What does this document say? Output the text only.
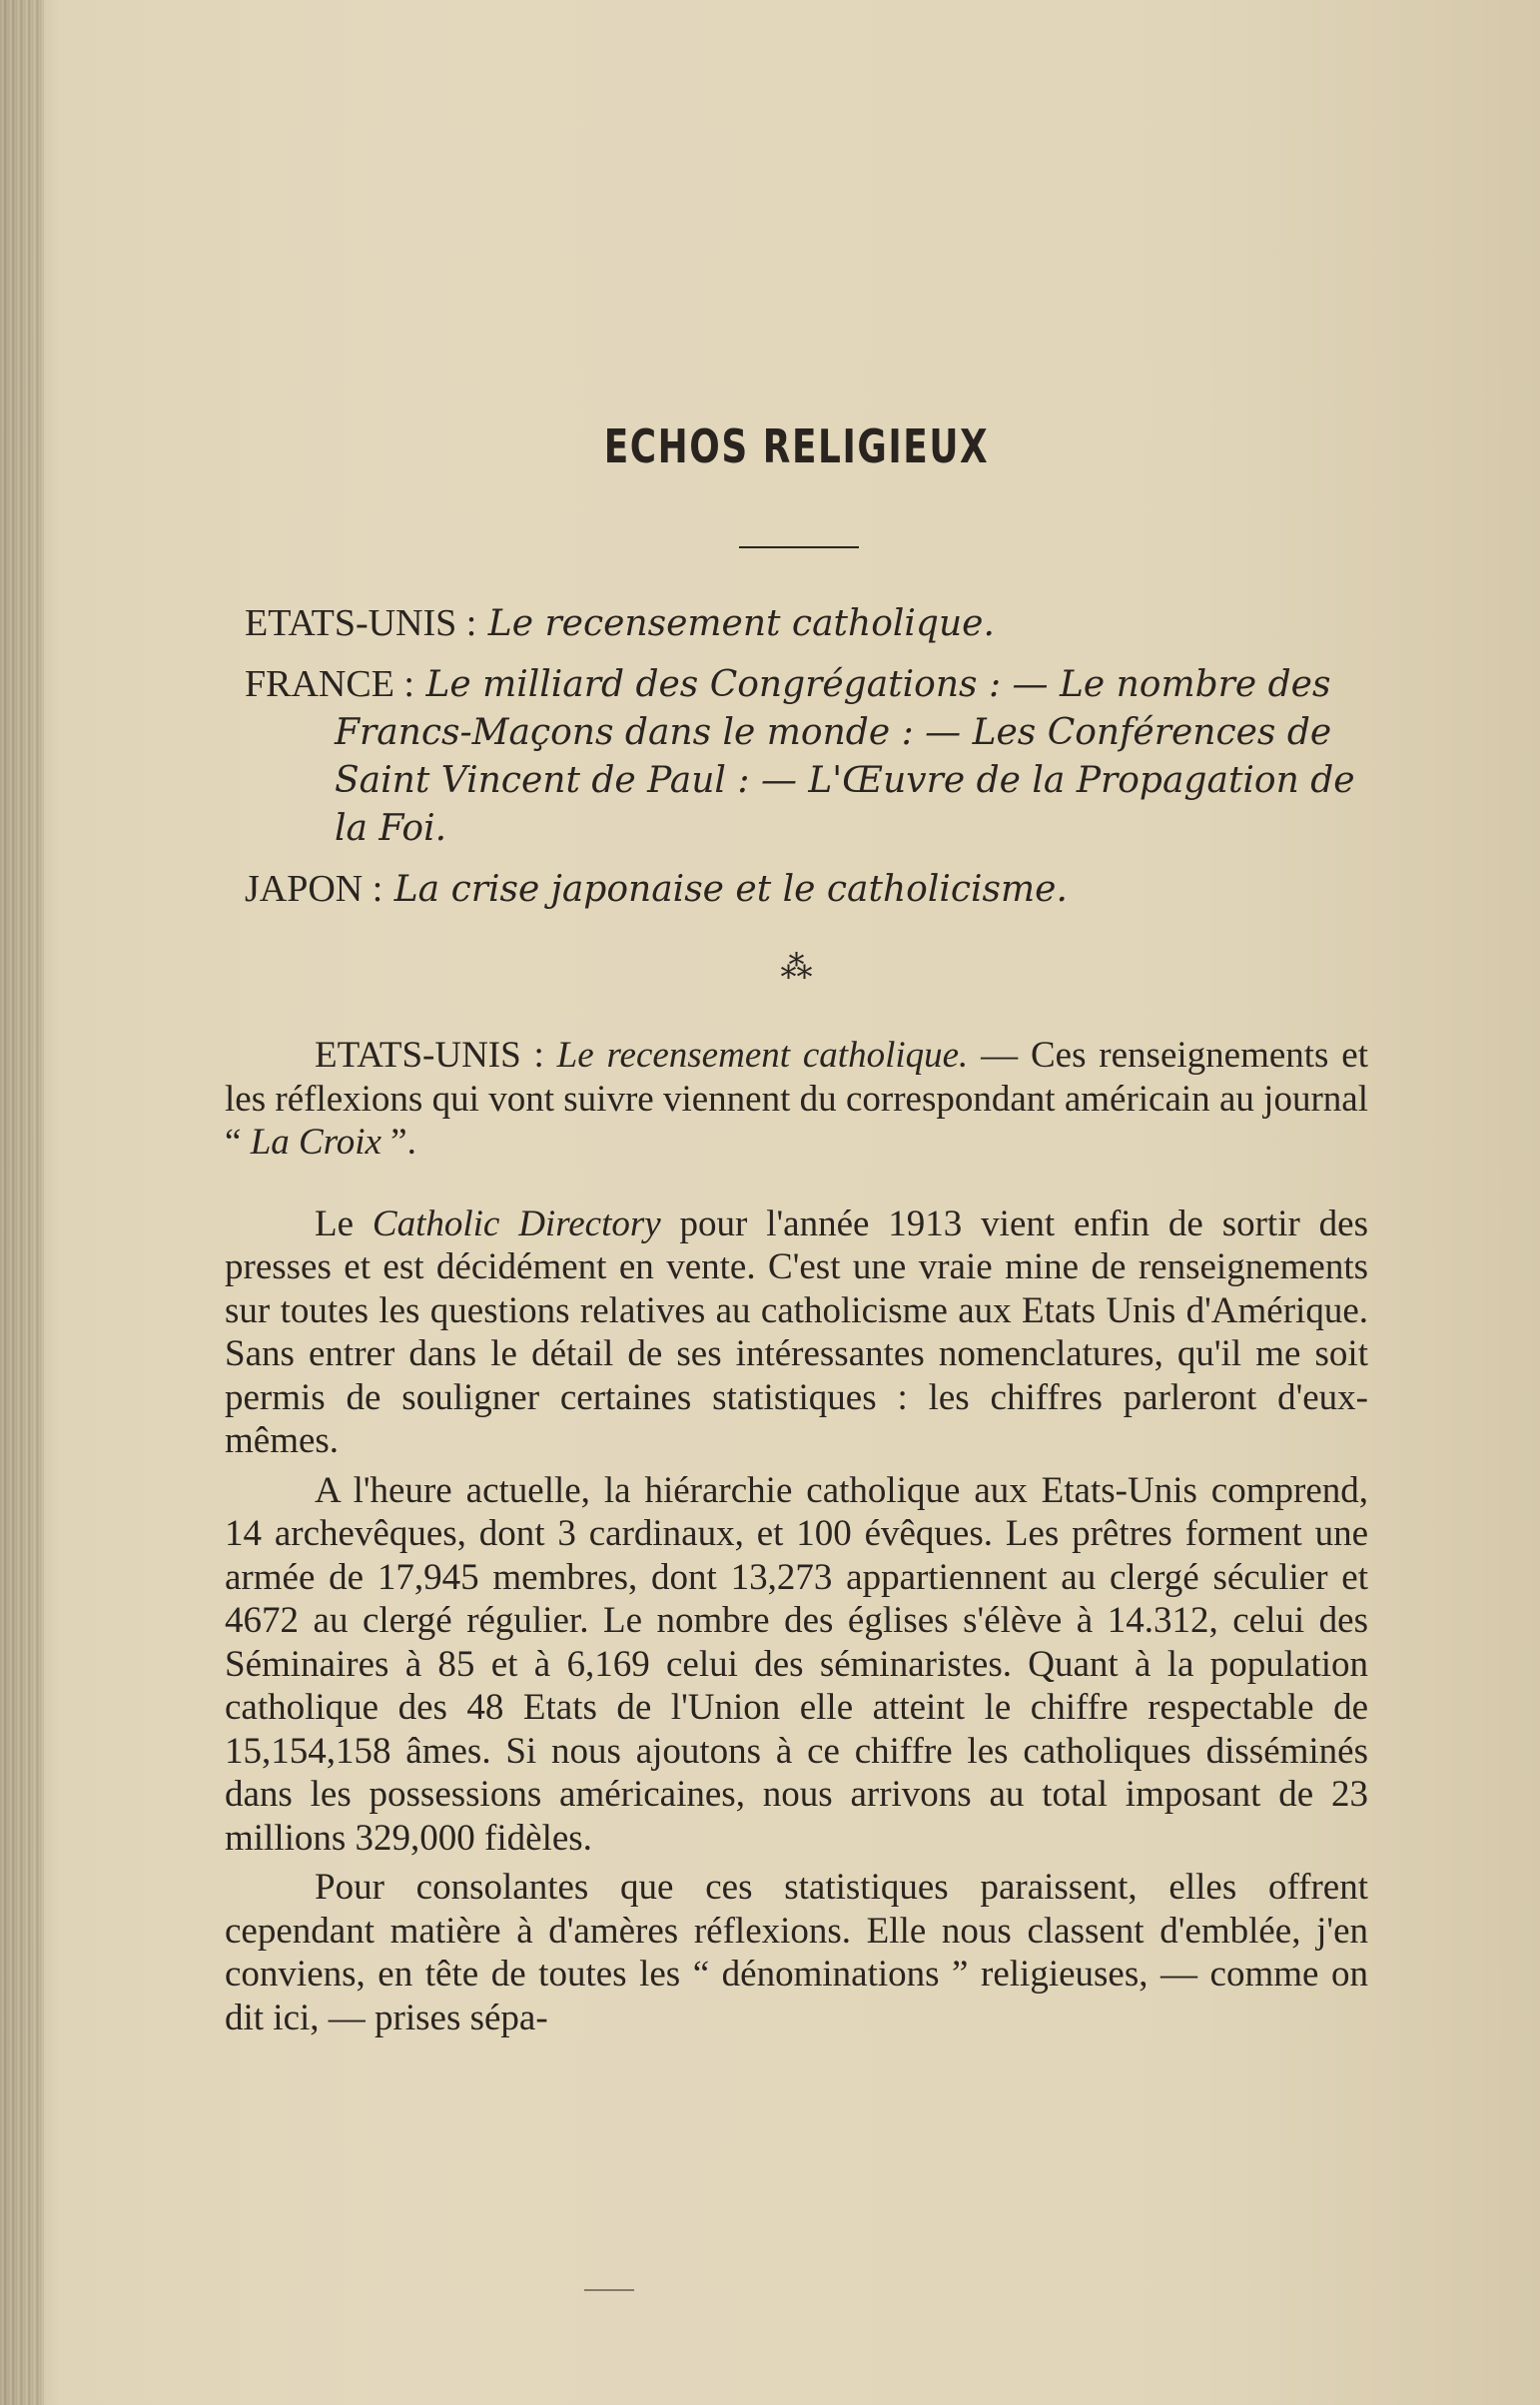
ECHOS RELIGIEUX
ETATS-UNIS : Le recensement catholique.
FRANCE : Le milliard des Congrégations : — Le nombre des Francs-Maçons dans le monde : — Les Conférences de Saint Vincent de Paul : — L'Œuvre de la Propagation de la Foi.
JAPON : La crise japonaise et le catholicisme.
⁂

ETATS-UNIS : Le recensement catholique. — Ces renseignements et les réflexions qui vont suivre viennent du correspondant américain au journal “ La Croix ”.

Le Catholic Directory pour l'année 1913 vient enfin de sortir des presses et est décidément en vente. C'est une vraie mine de renseignements sur toutes les questions relatives au catholicisme aux Etats Unis d'Amérique. Sans entrer dans le détail de ses intéressantes nomenclatures, qu'il me soit permis de souligner certaines statistiques : les chiffres parleront d'eux-mêmes.

A l'heure actuelle, la hiérarchie catholique aux Etats-Unis comprend, 14 archevêques, dont 3 cardinaux, et 100 évêques. Les prêtres forment une armée de 17,945 membres, dont 13,273 appartiennent au clergé séculier et 4672 au clergé régulier. Le nombre des églises s'élève à 14.312, celui des Séminaires à 85 et à 6,169 celui des séminaristes. Quant à la population catholique des 48 Etats de l'Union elle atteint le chiffre respectable de 15,154,158 âmes. Si nous ajoutons à ce chiffre les catholiques disséminés dans les possessions américaines, nous arrivons au total imposant de 23 millions 329,000 fidèles.

Pour consolantes que ces statistiques paraissent, elles offrent cependant matière à d'amères réflexions. Elle nous classent d'emblée, j'en conviens, en tête de toutes les “ dénominations ” religieuses, — comme on dit ici, — prises sépa-
